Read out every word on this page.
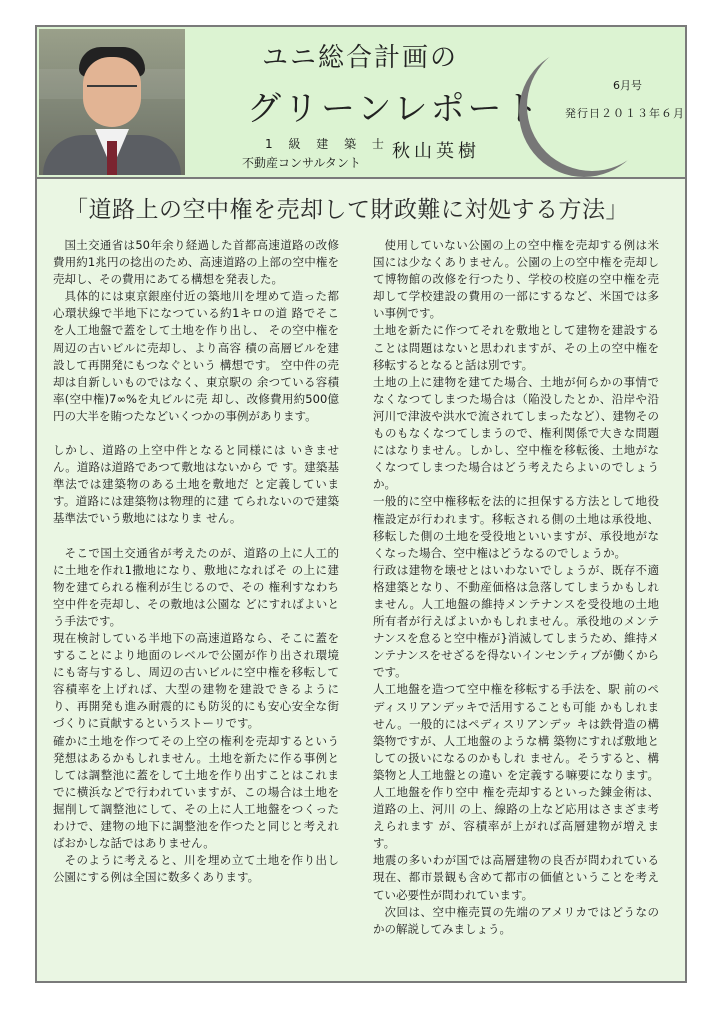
ユニ総合計画の
グリーンレポート
1 級 建 築 士
不動産コンサルタント
秋山英樹
6月号
発行日２０１３年６月
「道路上の空中権を売却して財政難に対処する方法」

国土交通省は50年余り経過した首都高速道路の改修費用約1兆円の捻出のため、高速道路の上部の空中権を売却し、その費用にあてる構想を発表した。

具体的には東京銀座付近の築地川を埋めて造った都心環状線で半地下になつている約1キロの道 路でそこを人工地盤で蓋をして土地を作り出し、 その空中権を周辺の古いビルに売却し、より高容 積の高層ビルを建設して再開発にもつなぐという 構想です。 空中件の売却は自新しいものではなく、東京駅の 余つている容積率(空中権)7∞%を丸ビルに売 却し、改修費用約500億円の大半を賄つたなどいくつかの事例があります。

しかし、道路の上空中件となると同様には いきません。道路は道路であつて敷地はないから で す。建築基準法では建築物のある土地を敷地だ と定義しています。道路には建築物は物理的に建 てられないので建築基準法でいう敷地にはなりま せん。

そこで国土交通省が考えたのが、道路の上に人工的に土地を作れ1撒地になり、敷地になればそ の上に建物を建てられる権利が生じるので、その 権利すなわち空中件を売却し、その敷地は公園な どにすればよいとう手法です。

現在検討している半地下の高速道路なら、そこに蓋をすることにより地面のレベルで公園が作り出され環境にも寄与するし、周辺の古いビルに空中権を移転して容積率を上げれば、大型の建物を建設できるようにり、再開発も進み耐震的にも防災的にも安心安全な街づくりに貢献するというストーリです。

確かに土地を作つてその上空の権利を売却するという発想はあるかもしれません。土地を新たに作る事例としては調整池に蓋をして土地を作り出すことはこれまでに横浜などで行われていますが、この場合は土地を掘削して調整池にして、その上に人工地盤をつくったわけで、建物の地下に調整池を作つたと同じと考えればおかしな話ではありません。

そのように考えると、川を埋め立て土地を作り出し公園にする例は全国に数多くあります。

使用していない公園の上の空中権を売却する例は米国には少なくありません。公園の上の空中権を売却して博物館の改修を行つたり、学校の校庭の空中権を売却して学校建設の費用の一部にするなど、米国では多い事例です。

土地を新たに作つてそれを敷地として建物を建設することは問題はないと思われますが、その上の空中権を移転するとなると話は別です。

土地の上に建物を建てた場合、土地が何らかの事情でなくなつてしまつた場合は（陥没したとか、沿岸や沿河川で津波や洪水で流されてしまったなど）、建物そのものもなくなつてしまうので、権利関係で大きな問題にはなりません。しかし、空中権を移転後、土地がなくなつてしまつた場合はどう考えたらよいのでしょうか。

一般的に空中権移転を法的に担保する方法として地役権設定が行われます。移転される側の土地は承役地、移転した側の土地を受役地といいますが、承役地がなくなった場合、空中権はどうなるのでしょうか。

行政は建物を壊せとはいわないでしょうが、既存不適格建築となり、不動産価格は急落してしまうかもしれません。人工地盤の維持メンテナンスを受役地の土地所有者が行えばよいかもしれません。承役地のメンテナンスを怠ると空中権が}消滅してしまうため、維持メンテナンスをせざるを得ないインセンティブが働くからです。

人工地盤を造つて空中権を移転する手法を、駅 前のペディスリアンデッキで活用することも可能 かもしれません。一般的にはペディスリアンデッ キは鉄骨造の構築物ですが、人工地盤のような構 築物にすれば敷地としての扱いになるのかもしれ ません。そうすると、構築物と人工地盤との違い を定義する嘛要になります。人工地盤を作り空中 権を売却するといった錬金術は、道路の上、河川 の上、線路の上など応用はさまざま考えられます が、容積率が上がれば高層建物が増えます。

地震の多いわが国では高層建物の良否が問われている現在、都市景観も含めて都市の価値ということを考えてい必要性が問われています。

次回は、空中権売買の先端のアメリカではどうなのかの解説してみましょう。
